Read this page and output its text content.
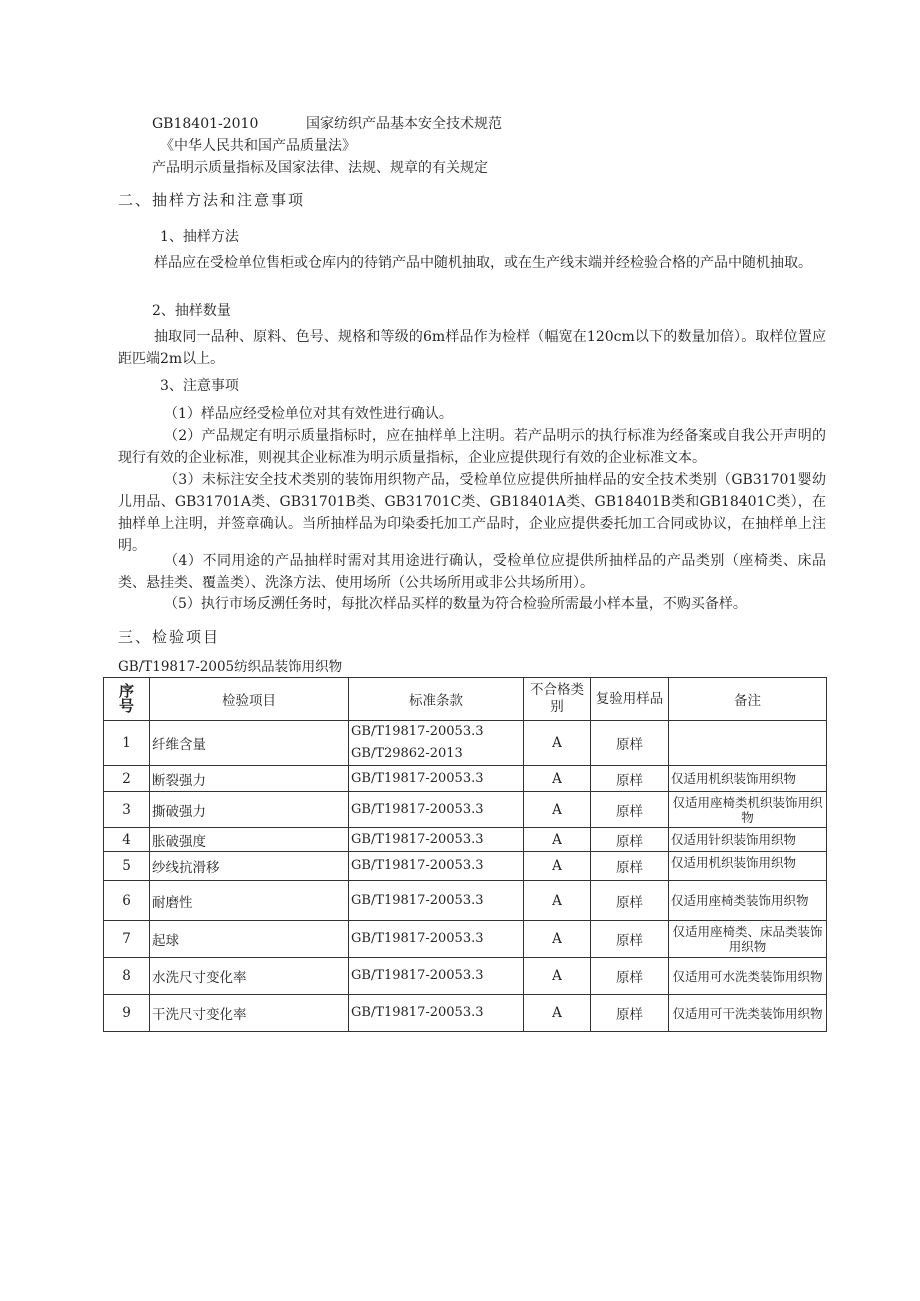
GB18401-2010	国家纺织产品基本安全技术规范
《中华人民共和国产品质量法》
产品明示质量指标及国家法律、法规、规章的有关规定
二、抽样方法和注意事项
1、抽样方法
样品应在受检单位售柜或仓库内的待销产品中随机抽取，或在生产线末端并经检验合格的产品中随机抽取。
2、抽样数量
抽取同一品种、原料、色号、规格和等级的6m样品作为检样（幅宽在120cm以下的数量加倍）。取样位置应距匹端2m以上。
3、注意事项
（1）样品应经受检单位对其有效性进行确认。
（2）产品规定有明示质量指标时，应在抽样单上注明。若产品明示的执行标准为经备案或自我公开声明的现行有效的企业标准，则视其企业标准为明示质量指标，企业应提供现行有效的企业标准文本。
（3）未标注安全技术类别的装饰用织物产品，受检单位应提供所抽样品的安全技术类别（GB31701婴幼儿用品、GB31701A类、GB31701B类、GB31701C类、GB18401A类、GB18401B类和GB18401C类），在抽样单上注明，并签章确认。当所抽样品为印染委托加工产品时，企业应提供委托加工合同或协议，在抽样单上注明。
（4）不同用途的产品抽样时需对其用途进行确认，受检单位应提供所抽样品的产品类别（座椅类、床品类、悬挂类、覆盖类）、洗涤方法、使用场所（公共场所用或非公共场所用）。
（5）执行市场反溯任务时，每批次样品买样的数量为符合检验所需最小样本量，不购买备样。
三、检验项目
GB/T19817-2005纺织品装饰用织物
序号	检验项目	标准条款	不合格类别	复验用样品	备注
1	纤维含量	GB/T19817-20053.3
GB/T29862-2013	A	原样	
2	断裂强力	GB/T19817-20053.3	A	原样	仅适用机织装饰用织物
3	撕破强力	GB/T19817-20053.3	A	原样	仅适用座椅类机织装饰用织物
4	胀破强度	GB/T19817-20053.3	A	原样	仅适用针织装饰用织物
5	纱线抗滑移	GB/T19817-20053.3	A	原样	仅适用机织装饰用织物
6	耐磨性	GB/T19817-20053.3	A	原样	仅适用座椅类装饰用织物
7	起球	GB/T19817-20053.3	A	原样	仅适用座椅类、床品类装饰用织物
8	水洗尺寸变化率	GB/T19817-20053.3	A	原样	仅适用可水洗类装饰用织物
9	干洗尺寸变化率	GB/T19817-20053.3	A	原样	仅适用可干洗类装饰用织物
